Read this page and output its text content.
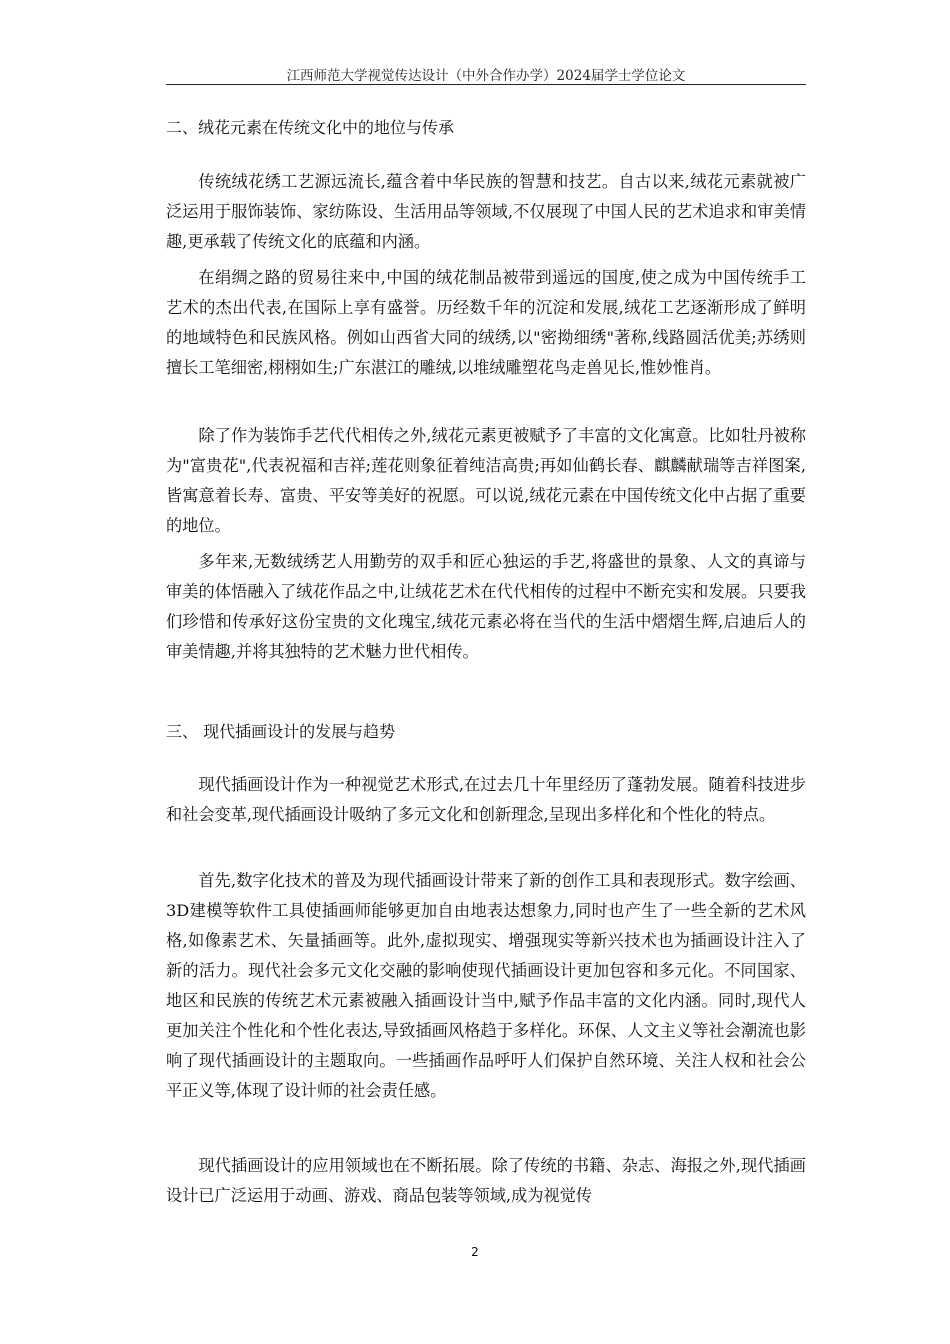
江西师范大学视觉传达设计（中外合作办学）2024届学士学位论文
二、绒花元素在传统文化中的地位与传承

传统绒花绣工艺源远流长,蕴含着中华民族的智慧和技艺。自古以来,绒花元素就被广泛运用于服饰装饰、家纺陈设、生活用品等领域,不仅展现了中国人民的艺术追求和审美情趣,更承载了传统文化的底蕴和内涵。

在绢绸之路的贸易往来中,中国的绒花制品被带到遥远的国度,使之成为中国传统手工艺术的杰出代表,在国际上享有盛誉。历经数千年的沉淀和发展,绒花工艺逐渐形成了鲜明的地域特色和民族风格。例如山西省大同的绒绣,以"密拗细绣"著称,线路圆活优美;苏绣则擅长工笔细密,栩栩如生;广东湛江的雕绒,以堆绒雕塑花鸟走兽见长,惟妙惟肖。

除了作为装饰手艺代代相传之外,绒花元素更被赋予了丰富的文化寓意。比如牡丹被称为"富贵花",代表祝福和吉祥;莲花则象征着纯洁高贵;再如仙鹤长春、麒麟献瑞等吉祥图案,皆寓意着长寿、富贵、平安等美好的祝愿。可以说,绒花元素在中国传统文化中占据了重要的地位。

多年来,无数绒绣艺人用勤劳的双手和匠心独运的手艺,将盛世的景象、人文的真谛与审美的体悟融入了绒花作品之中,让绒花艺术在代代相传的过程中不断充实和发展。只要我们珍惜和传承好这份宝贵的文化瑰宝,绒花元素必将在当代的生活中熠熠生辉,启迪后人的审美情趣,并将其独特的艺术魅力世代相传。

三、 现代插画设计的发展与趋势

现代插画设计作为一种视觉艺术形式,在过去几十年里经历了蓬勃发展。随着科技进步和社会变革,现代插画设计吸纳了多元文化和创新理念,呈现出多样化和个性化的特点。

首先,数字化技术的普及为现代插画设计带来了新的创作工具和表现形式。数字绘画、3D建模等软件工具使插画师能够更加自由地表达想象力,同时也产生了一些全新的艺术风格,如像素艺术、矢量插画等。此外,虚拟现实、增强现实等新兴技术也为插画设计注入了新的活力。现代社会多元文化交融的影响使现代插画设计更加包容和多元化。不同国家、地区和民族的传统艺术元素被融入插画设计当中,赋予作品丰富的文化内涵。同时,现代人更加关注个性化和个性化表达,导致插画风格趋于多样化。环保、人文主义等社会潮流也影响了现代插画设计的主题取向。一些插画作品呼吁人们保护自然环境、关注人权和社会公平正义等,体现了设计师的社会责任感。

现代插画设计的应用领域也在不断拓展。除了传统的书籍、杂志、海报之外,现代插画设计已广泛运用于动画、游戏、商品包装等领域,成为视觉传

2
